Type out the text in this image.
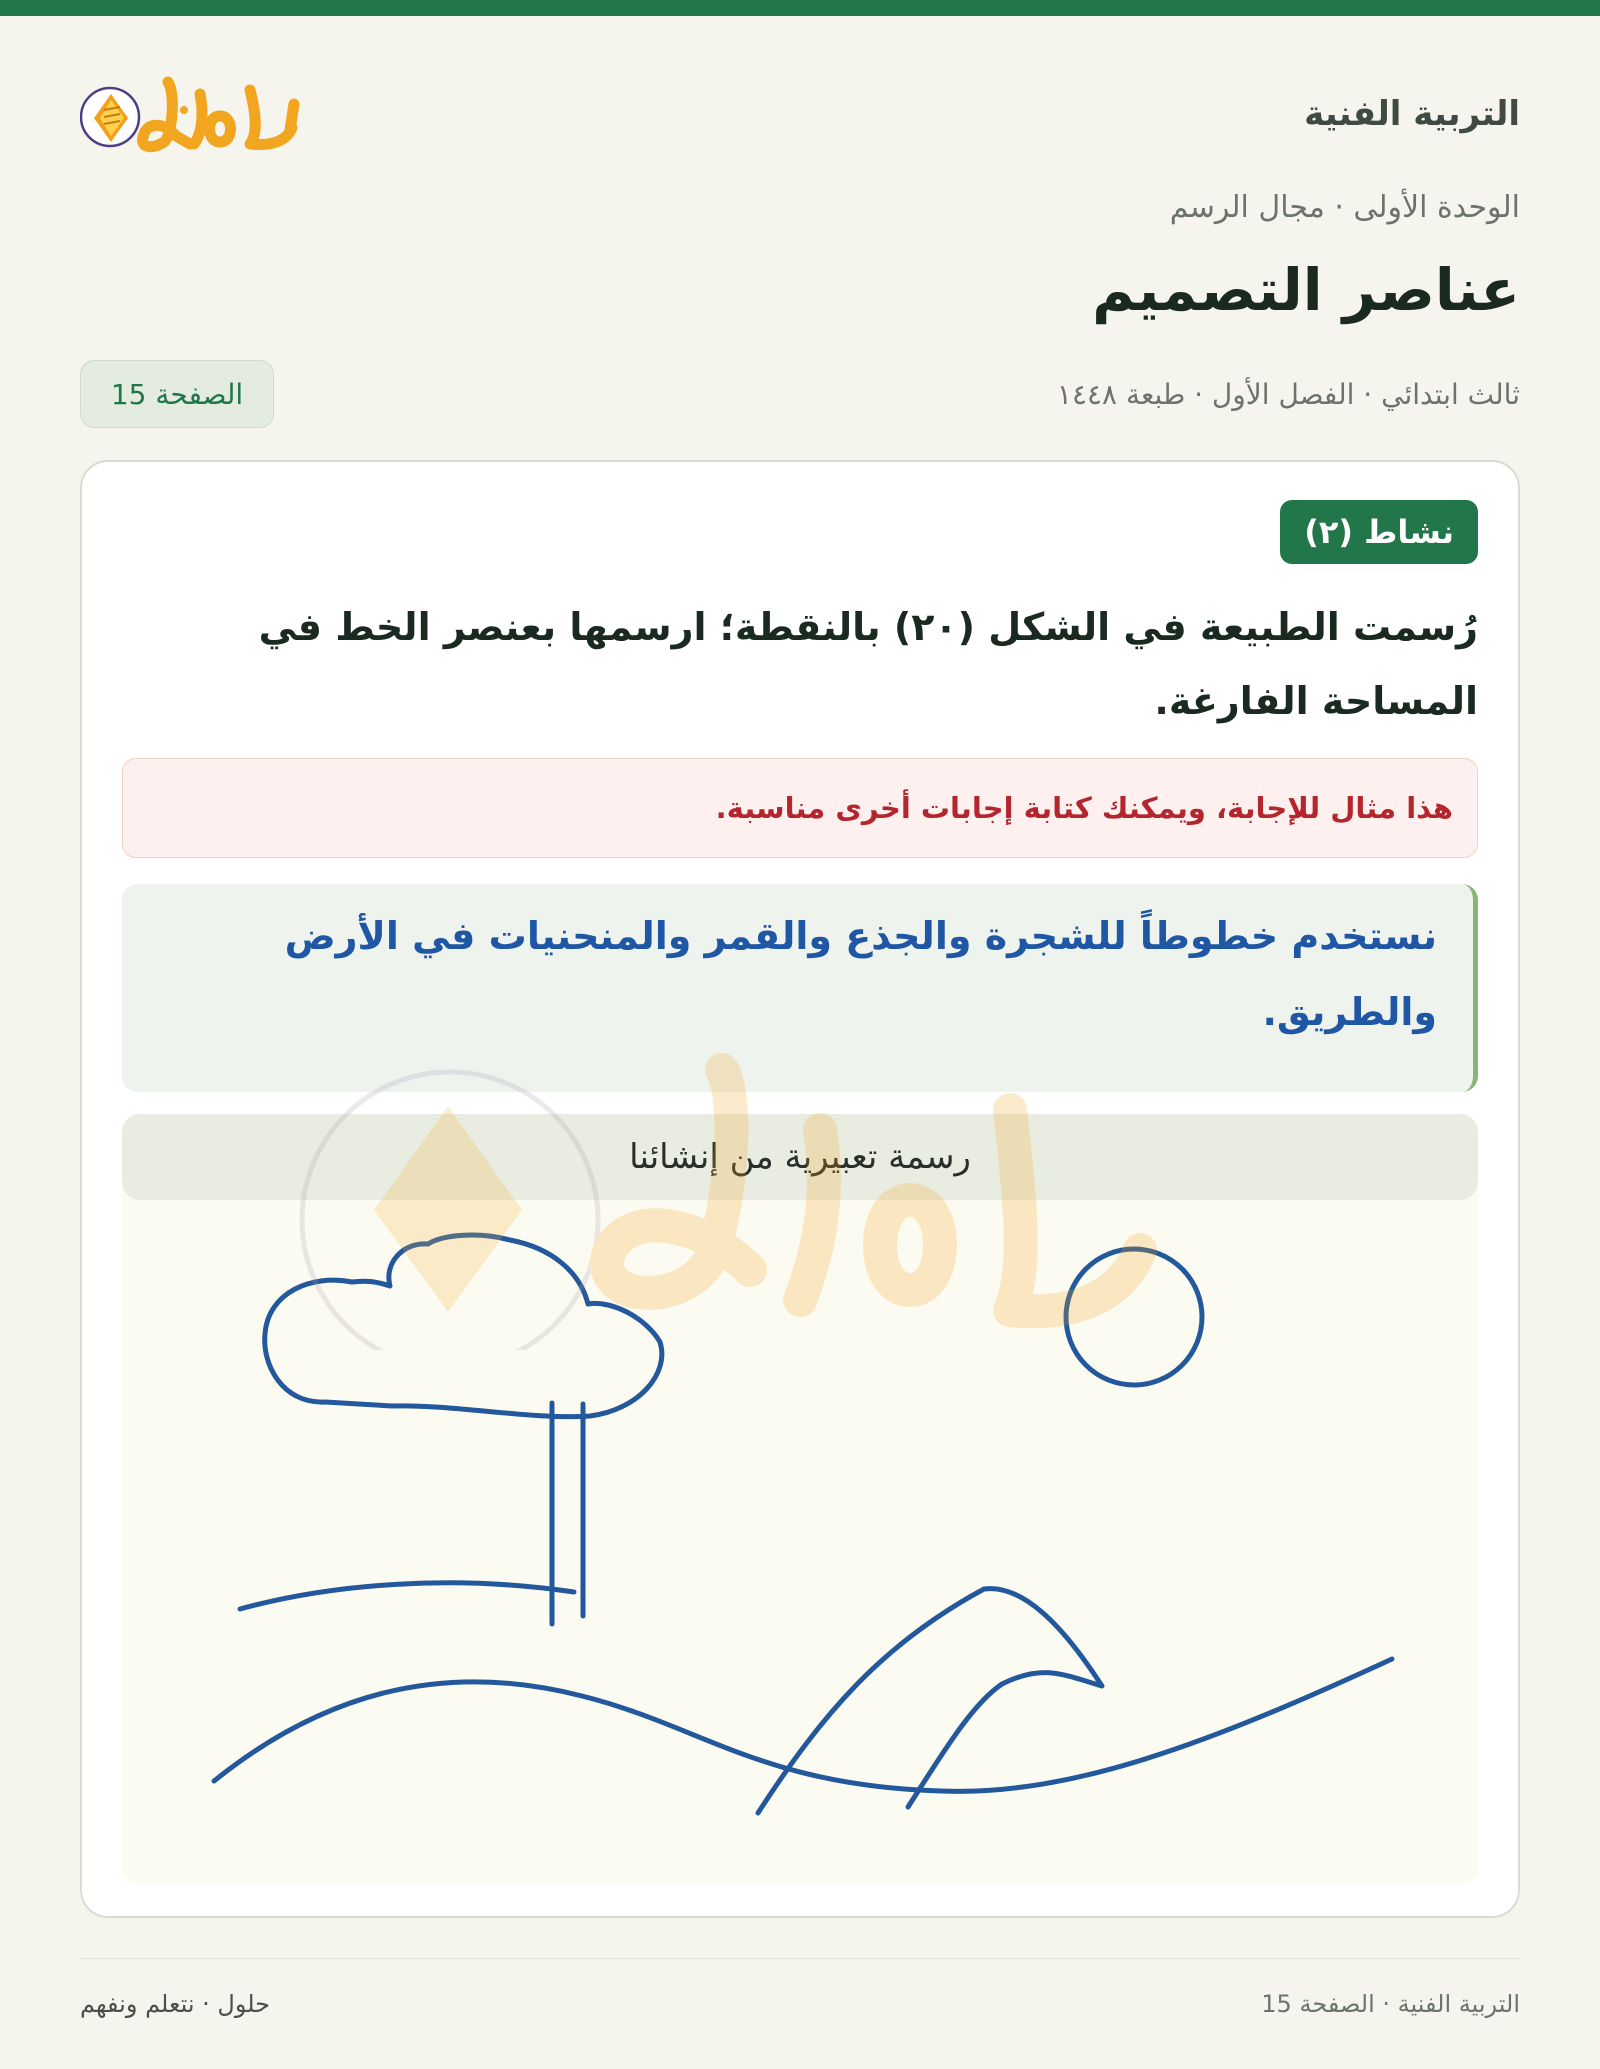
التربية الفنية
الوحدة الأولى · مجال الرسم
عناصر التصميم
ثالث ابتدائي · الفصل الأول · طبعة ١٤٤٨
الصفحة 15
نشاط (٢)
رُسمت الطبيعة في الشكل (٢٠) بالنقطة؛ ارسمها بعنصر الخط في المساحة الفارغة.
هذا مثال للإجابة، ويمكنك كتابة إجابات أخرى مناسبة.
نستخدم خطوطاً للشجرة والجذع والقمر والمنحنيات في الأرض والطريق.
رسمة تعبيرية من إنشائنا
التربية الفنية · الصفحة 15
حلول · نتعلم ونفهم
